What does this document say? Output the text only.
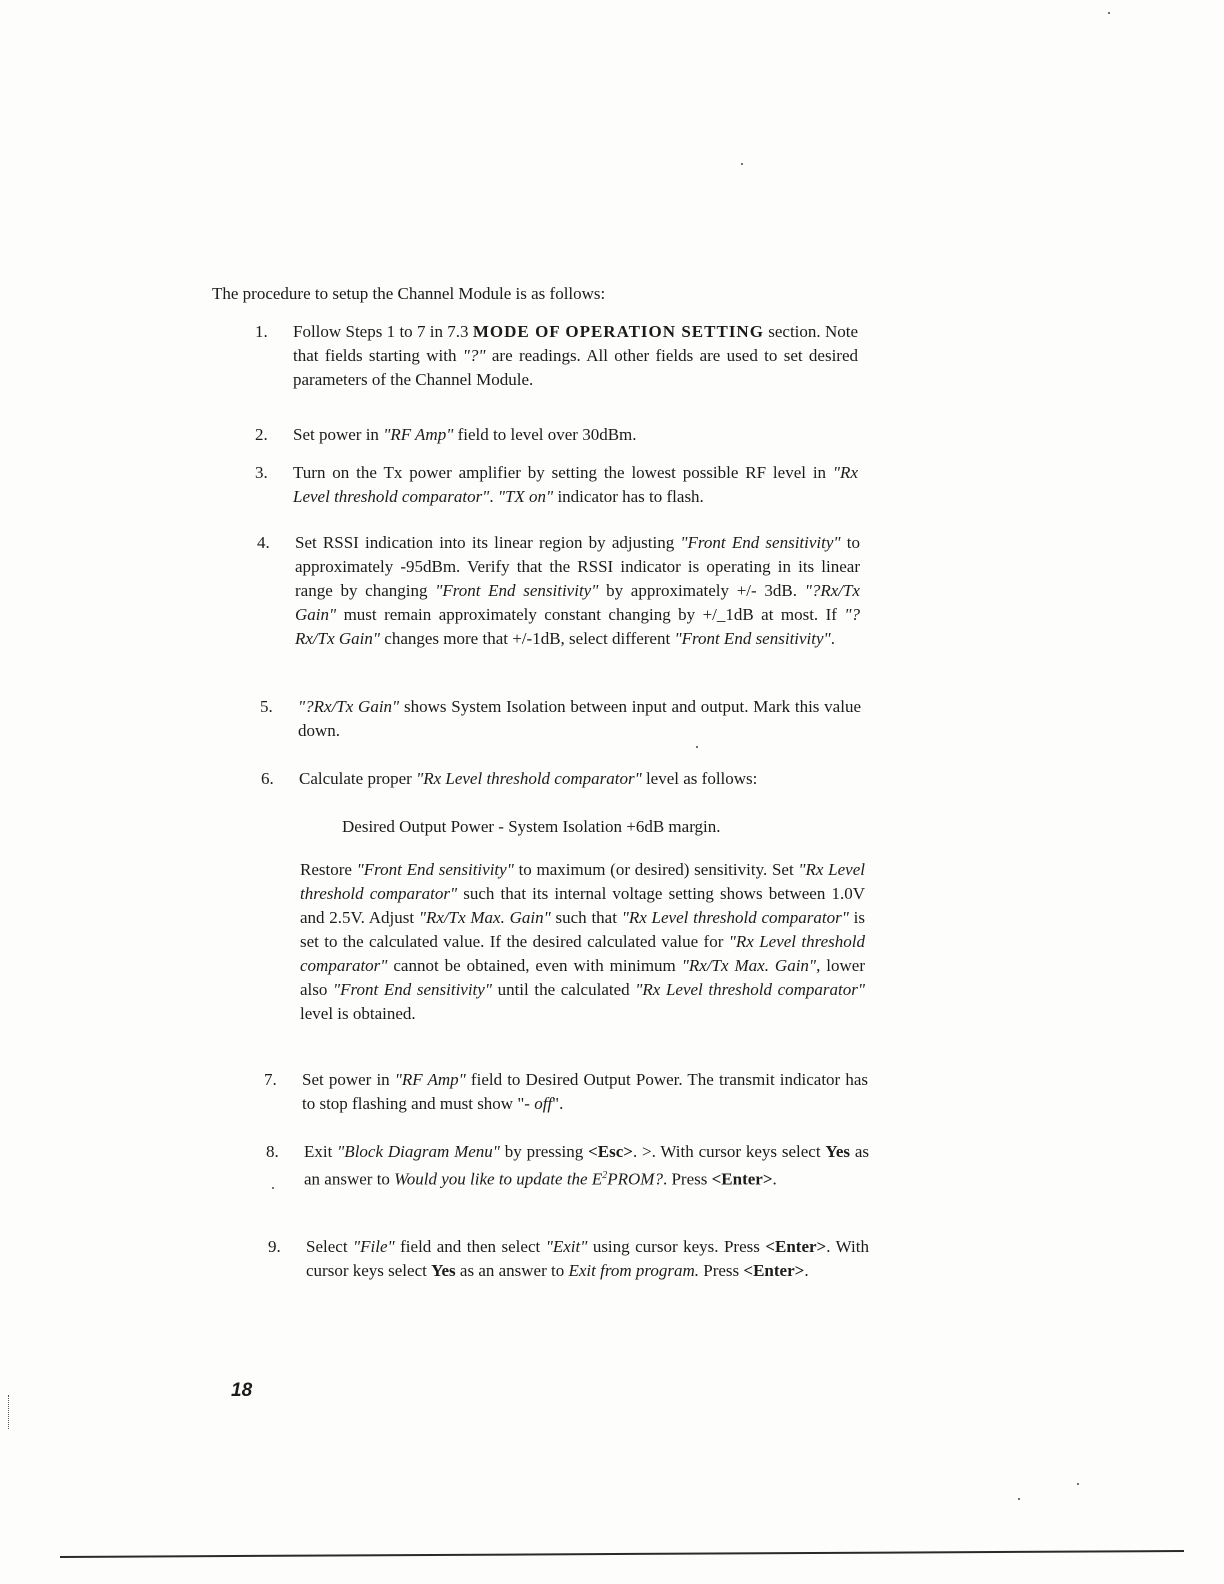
The procedure to setup the Channel Module is as follows:
1.	Follow Steps 1 to 7 in 7.3 MODE OF OPERATION SETTING section. Note that fields starting with "?" are readings. All other fields are used to set desired parameters of the Channel Module.

2.	Set power in "RF Amp" field to level over 30dBm.

3.	Turn on the Tx power amplifier by setting the lowest possible RF level in "Rx Level threshold comparator". "TX on" indicator has to flash.

4.	Set RSSI indication into its linear region by adjusting "Front End sensitivity" to approximately -95dBm. Verify that the RSSI indicator is operating in its linear range by changing "Front End sensitivity" by approximately +/- 3dB. "?Rx/Tx Gain" must remain approximately constant changing by +/_1dB at most. If "?Rx/Tx Gain" changes more that +/-1dB, select different "Front End sensitivity".

5.	"?Rx/Tx Gain" shows System Isolation between input and output. Mark this value down.

6.	Calculate proper "Rx Level threshold comparator" level as follows:

Desired Output Power - System Isolation +6dB margin.

Restore "Front End sensitivity" to maximum (or desired) sensitivity. Set "Rx Level threshold comparator" such that its internal voltage setting shows between 1.0V and 2.5V. Adjust "Rx/Tx Max. Gain" such that "Rx Level threshold comparator" is set to the calculated value. If the desired calculated value for "Rx Level threshold comparator" cannot be obtained, even with minimum "Rx/Tx Max. Gain", lower also "Front End sensitivity" until the calculated "Rx Level threshold comparator" level is obtained.

7.	Set power in "RF Amp" field to Desired Output Power. The transmit indicator has to stop flashing and must show "- off".

8.	Exit "Block Diagram Menu" by pressing <Esc>. >. With cursor keys select Yes as an answer to Would you like to update the $E^2PROM$?. Press <Enter>.

9.	Select "File" field and then select "Exit" using cursor keys. Press <Enter>. With cursor keys select Yes as an answer to Exit from program. Press <Enter>.

18
